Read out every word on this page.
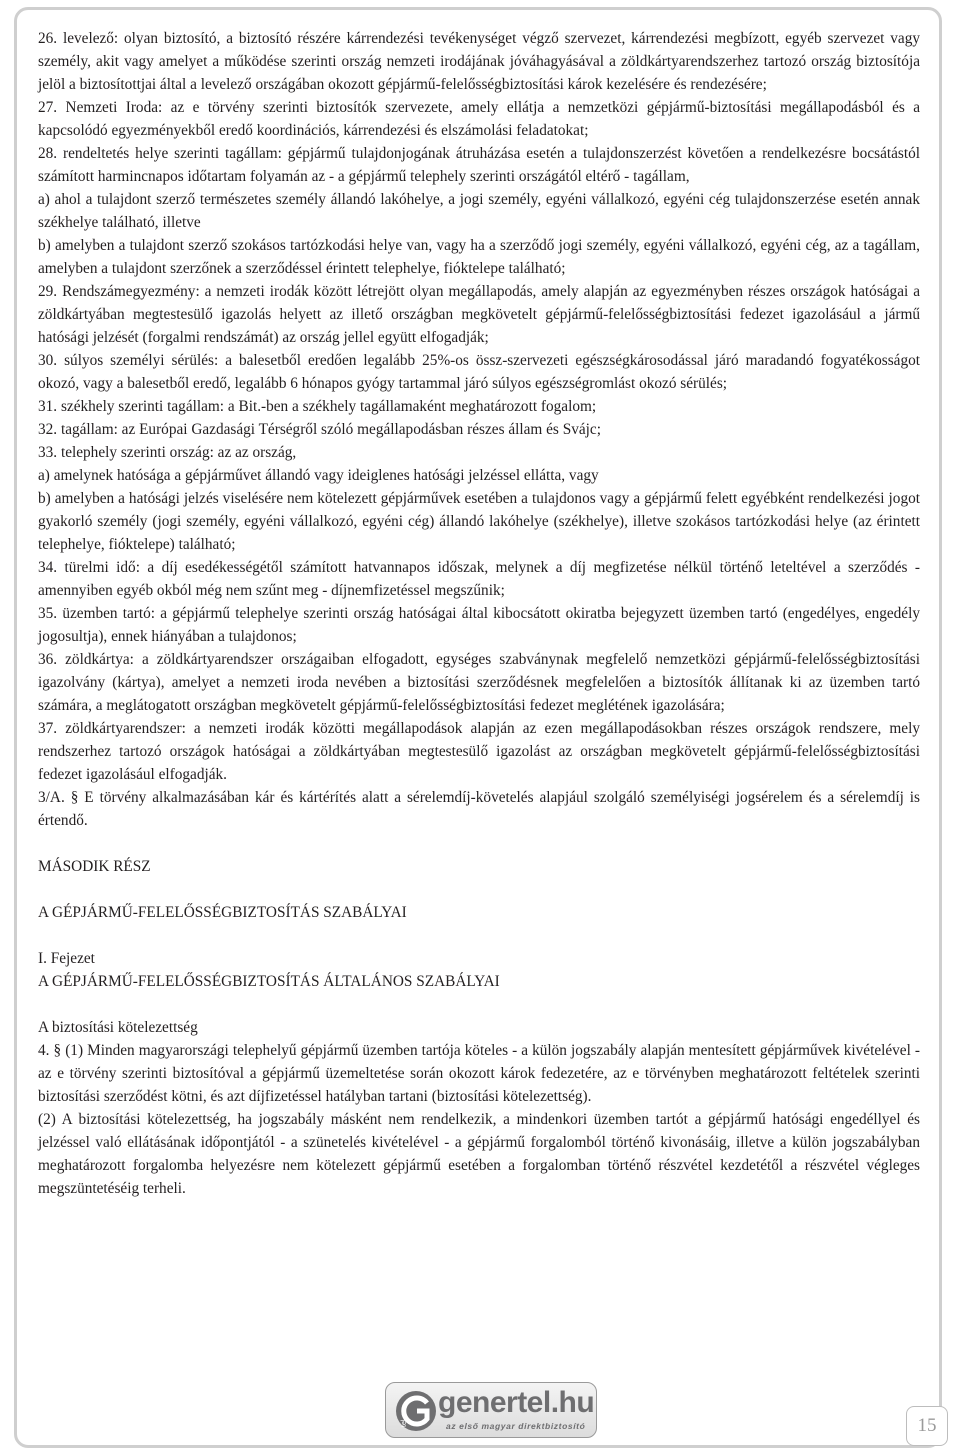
26. levelező: olyan biztosító, a biztosító részére kárrendezési tevékenységet végző szervezet, kárrendezési megbízott, egyéb szervezet vagy személy, akit vagy amelyet a működése szerinti ország nemzeti irodájának jóváhagyásával a zöldkártyarendszerhez tartozó ország biztosítója jelöl a biztosítottjai által a levelező országában okozott gépjármű-felelősségbiztosítási károk kezelésére és rendezésére;

27. Nemzeti Iroda: az e törvény szerinti biztosítók szervezete, amely ellátja a nemzetközi gépjármű-biztosítási megállapodásból és a kapcsolódó egyezményekből eredő koordinációs, kárrendezési és elszámolási feladatokat;

28. rendeltetés helye szerinti tagállam: gépjármű tulajdonjogának átruházása esetén a tulajdonszerzést követően a rendelkezésre bocsátástól számított harmincnapos időtartam folyamán az - a gépjármű telephely szerinti országától eltérő - tagállam,

a) ahol a tulajdont szerző természetes személy állandó lakóhelye, a jogi személy, egyéni vállalkozó, egyéni cég tulajdonszerzése esetén annak székhelye található, illetve

b) amelyben a tulajdont szerző szokásos tartózkodási helye van, vagy ha a szerződő jogi személy, egyéni vállalkozó, egyéni cég, az a tagállam, amelyben a tulajdont szerzőnek a szerződéssel érintett telephelye, fióktelepe található;

29. Rendszámegyezmény: a nemzeti irodák között létrejött olyan megállapodás, amely alapján az egyezményben részes országok hatóságai a zöldkártyában megtestesülő igazolás helyett az illető országban megkövetelt gépjármű-felelősségbiztosítási fedezet igazolásául a jármű hatósági jelzését (forgalmi rendszámát) az ország jellel együtt elfogadják;

30. súlyos személyi sérülés: a balesetből eredően legalább 25%-os össz-szervezeti egészségkárosodással járó maradandó fogyatékosságot okozó, vagy a balesetből eredő, legalább 6 hónapos gyógy tartammal járó súlyos egészségromlást okozó sérülés;

31. székhely szerinti tagállam: a Bit.-ben a székhely tagállamaként meghatározott fogalom;

32. tagállam: az Európai Gazdasági Térségről szóló megállapodásban részes állam és Svájc;

33. telephely szerinti ország: az az ország,

a) amelynek hatósága a gépjárművet állandó vagy ideiglenes hatósági jelzéssel ellátta, vagy

b) amelyben a hatósági jelzés viselésére nem kötelezett gépjárművek esetében a tulajdonos vagy a gépjármű felett egyébként rendelkezési jogot gyakorló személy (jogi személy, egyéni vállalkozó, egyéni cég) állandó lakóhelye (székhelye), illetve szokásos tartózkodási helye (az érintett telephelye, fióktelepe) található;

34. türelmi idő: a díj esedékességétől számított hatvannapos időszak, melynek a díj megfizetése nélkül történő leteltével a szerződés - amennyiben egyéb okból még nem szűnt meg - díjnemfizetéssel megszűnik;

35. üzemben tartó: a gépjármű telephelye szerinti ország hatóságai által kibocsátott okiratba bejegyzett üzemben tartó (engedélyes, engedély jogosultja), ennek hiányában a tulajdonos;

36. zöldkártya: a zöldkártyarendszer országaiban elfogadott, egységes szabványnak megfelelő nemzetközi gépjármű-felelősségbiztosítási igazolvány (kártya), amelyet a nemzeti iroda nevében a biztosítási szerződésnek megfelelően a biztosítók állítanak ki az üzemben tartó számára, a meglátogatott országban megkövetelt gépjármű-felelősségbiztosítási fedezet meglétének igazolására;

37. zöldkártyarendszer: a nemzeti irodák közötti megállapodások alapján az ezen megállapodásokban részes országok rendszere, mely rendszerhez tartozó országok hatóságai a zöldkártyában megtestesülő igazolást az országban megkövetelt gépjármű-felelősségbiztosítási fedezet igazolásául elfogadják.

3/A. § E törvény alkalmazásában kár és kártérítés alatt a sérelemdíj-követelés alapjául szolgáló személyiségi jogsérelem és a sérelemdíj is értendő.

MÁSODIK RÉSZ

A GÉPJÁRMŰ-FELELŐSSÉGBIZTOSÍTÁS SZABÁLYAI

I. Fejezet

A GÉPJÁRMŰ-FELELŐSSÉGBIZTOSÍTÁS ÁLTALÁNOS SZABÁLYAI

A biztosítási kötelezettség

4. § (1) Minden magyarországi telephelyű gépjármű üzemben tartója köteles - a külön jogszabály alapján mentesített gépjárművek kivételével - az e törvény szerinti biztosítóval a gépjármű üzemeltetése során okozott károk fedezetére, az e törvényben meghatározott feltételek szerinti biztosítási szerződést kötni, és azt díjfizetéssel hatályban tartani (biztosítási kötelezettség).

(2) A biztosítási kötelezettség, ha jogszabály másként nem rendelkezik, a mindenkori üzemben tartót a gépjármű hatósági engedéllyel és jelzéssel való ellátásának időpontjától - a szünetelés kivételével - a gépjármű forgalomból történő kivonásáig, illetve a külön jogszabályban meghatározott forgalomba helyezésre nem kötelezett gépjármű esetében a forgalomban történő részvétel kezdetétől a részvétel végleges megszüntetéséig terheli.

tel
genertel.hu
az első magyar direktbiztosító	15
